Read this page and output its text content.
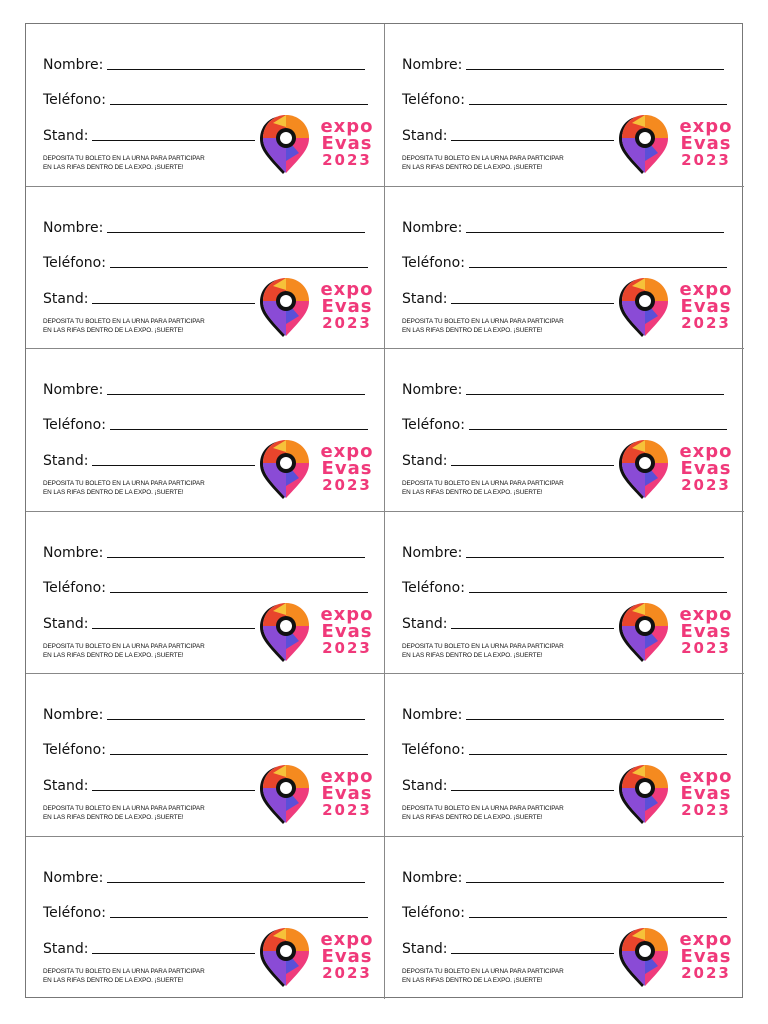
Nombre:
Teléfono:
Stand:
DEPOSITA TU BOLETO EN LA URNA PARA PARTICIPAR
EN LAS RIFAS DENTRO DE LA EXPO. ¡SUERTE!
expo
Evas
2023
Nombre:
Teléfono:
Stand:
DEPOSITA TU BOLETO EN LA URNA PARA PARTICIPAR
EN LAS RIFAS DENTRO DE LA EXPO. ¡SUERTE!
expo
Evas
2023
Nombre:
Teléfono:
Stand:
DEPOSITA TU BOLETO EN LA URNA PARA PARTICIPAR
EN LAS RIFAS DENTRO DE LA EXPO. ¡SUERTE!
expo
Evas
2023
Nombre:
Teléfono:
Stand:
DEPOSITA TU BOLETO EN LA URNA PARA PARTICIPAR
EN LAS RIFAS DENTRO DE LA EXPO. ¡SUERTE!
expo
Evas
2023
Nombre:
Teléfono:
Stand:
DEPOSITA TU BOLETO EN LA URNA PARA PARTICIPAR
EN LAS RIFAS DENTRO DE LA EXPO. ¡SUERTE!
expo
Evas
2023
Nombre:
Teléfono:
Stand:
DEPOSITA TU BOLETO EN LA URNA PARA PARTICIPAR
EN LAS RIFAS DENTRO DE LA EXPO. ¡SUERTE!
expo
Evas
2023
Nombre:
Teléfono:
Stand:
DEPOSITA TU BOLETO EN LA URNA PARA PARTICIPAR
EN LAS RIFAS DENTRO DE LA EXPO. ¡SUERTE!
expo
Evas
2023
Nombre:
Teléfono:
Stand:
DEPOSITA TU BOLETO EN LA URNA PARA PARTICIPAR
EN LAS RIFAS DENTRO DE LA EXPO. ¡SUERTE!
expo
Evas
2023
Nombre:
Teléfono:
Stand:
DEPOSITA TU BOLETO EN LA URNA PARA PARTICIPAR
EN LAS RIFAS DENTRO DE LA EXPO. ¡SUERTE!
expo
Evas
2023
Nombre:
Teléfono:
Stand:
DEPOSITA TU BOLETO EN LA URNA PARA PARTICIPAR
EN LAS RIFAS DENTRO DE LA EXPO. ¡SUERTE!
expo
Evas
2023
Nombre:
Teléfono:
Stand:
DEPOSITA TU BOLETO EN LA URNA PARA PARTICIPAR
EN LAS RIFAS DENTRO DE LA EXPO. ¡SUERTE!
expo
Evas
2023
Nombre:
Teléfono:
Stand:
DEPOSITA TU BOLETO EN LA URNA PARA PARTICIPAR
EN LAS RIFAS DENTRO DE LA EXPO. ¡SUERTE!
expo
Evas
2023
